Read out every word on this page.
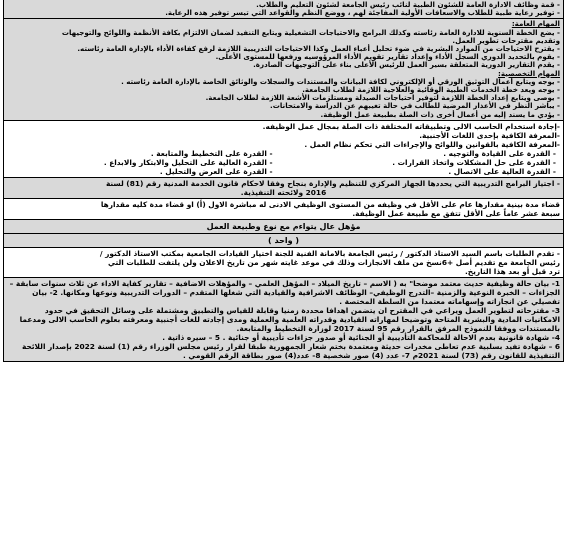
- قمة وظائف الادارة العامة للشئون الطبية لنائب رئيس الجامعة لشئون التعليم والطلاب.

- توفير رعاية طبية للطلاب والاسعافات الأولية المفاجئة لهم ، ووضع النظم والقواعد التي تيسر توفير هذه الرعاية.

المهام العامة:

- يضع الخطة السنوية للادارة العامة رئاسته وكذلك البرامج والاحتياجات التشغيلية ويتابع التنفيذ لضمان الالتزام بكافة الأنظمة واللوائح والتوجيهات

وتقديم مقترحات تطوير العمل.

- يقترح الاحتياجات من الموارد البشرية في ضوء تحليل أعباء العمل وكذا الاحتياجات التدريبية اللازمة لرفع كفاءة الأداء بالإدارة العامة رئاسته.

- يقوم بالتحديد الدوري السجل الأداء وإعداد تقارير تقويم الأداء المرؤوسيه ورفعها للمستوى الأعلى.

- يقدم التقارير الدورية المتعلقة بسير العمل للرئيس الأعلى بناء على التوجيهات الصادرة.

المهام التخصصية:

- يوجه ويتابع أعمال التوثيق الورقي أو الإلكتروني لكافة البيانات والمستندات والسجلات والوثائق الخاصة بالإدارة العامة رئاسته .

- يوجه ويعد خطة الخدمات الطبية الوقائية والعلاجية اللازمة لطلاب الجامعة.

- يوصى ويتابع إعداد الخطة اللازمة لتوفير احتياجات الصيدلة ومستلزمات الأشعة اللازمة لطلاب الجامعة.

- يباشر النظر في الأعذار المرضية للطالب في حالة تغيبهم عن الدراسة والامتحانات.

- يؤدي ما يسند إليه من أعمال أخرى ذات الصلة بطبيعة عمل الوظيفة.

-إجادة استخدام الحاسب الالى وتطبيقاته المختلفة ذات الصلة بمجال عمل الوظيفه.

-المعرفة الكافية بإحدى اللغات الأجنبية.

-المعرفة الكافية بالقوانين واللوائح والإجراءات التي تحكم نظام العمل .

- القدرة على القيادة والتوجيه .
- القدرة على التخطيط والمتابعة .
- القدرة على حل المشكلات واتخاذ القرارات .
- القدرة العالية على التحليل والابتكار والابداع .
- القدرة العالية على الاتصال .
- القدرة على العرض والتحليل .

- اجتياز البرامج التدريبية التي يحددها الجهاز المركزي للتنظيم والإدارة بنجاح وفقا لاحكام قانون الخدمة المدنية رقم (81) لسنة

2016 ولائحته التنفيذية.

قضاء مدة بينية مقدارها عام على الأقل في وظيفه من المستوى الوظيفي الادنى له مباشرة الاول (أ) او قضاء مدة كليه مقدارها

سبعة عشر عاماً على الأقل تتفق مع طبيعة عمل الوظيفة.

مؤهل عال يتواءم مع نوع وطبيعة العمل

( واحد )

- تقدم الطلبات باسم السيد الاستاذ الدكتور / رئيس الجامعة بالامانة الفنية للجنة اختيار القيادات الجامعية بمكتب الاستاذ الدكتور /

رئيس الجامعة مع تقديم أصل +6نسخ من ملف الانجازات وذلك في موعد غايته شهر من تاريخ الاعلان ولن يلتفت للطلبات التي

ترد قبل أو بعد هذا التاريخ.

1- بيان حالة وظيفية حديث معتمد موضحا" به ( الاسم – تاريخ الميلاد – المؤهل العلمي – والمؤهلات الاضافية – تقارير كفاية الاداء عن ثلاث سنوات سابقة – الجزاءات – الخبرة النوعية والزمنية –التدرج الوظيفي– الوظائف الاشرافية والقيادية التي شغلها المتقدم – الدورات التدريبية ونوعها ومكانها. 2- بيان تفصيلي عن انجازاته وإسهاماته معتمدا من السلطة المختصة .

3- مقترحاته لتطوير العمل ويراعي في المقترح ان يتضمن اهدافا محددة زمنيا وقابلة للقياس والتطبيق ومشتملة على وسائل التحقيق في حدود الامكانيات المادية والبشرية المتاحة وتوضيحا لمهاراته القيادية وقدراته العلمية والعملية ومدى إجادته للغات أجنبية ومعرفته بعلوم الحاسب الالى ومدعما بالمستندات ووفقا للنموذج المرفق بالقرار رقم 95 لسنة 2017 لوزارة التخطيط والمتابعة.

4- شهادة قانونية بعدم الاحالة للمحاكمة التأديبية أو الجنائية أو صدور جزاءات تأديبية أو جنائية . 5 – سيره ذاتية .

6 – شهادة تفيد بسلبية عدم تعاطى مخدرات حديثة ومعتمدة بختم شعار الجمهورية طبقا لقرار رئيس مجلس الوزراء رقم (1) لسنة 2022 بإصدار اللائحة التنفيذية للقانون رقم (73) لسنة 2021م 7- عدد (4) صور شخصية 8- عدد(4) صور بطاقة الرقم القومي .
